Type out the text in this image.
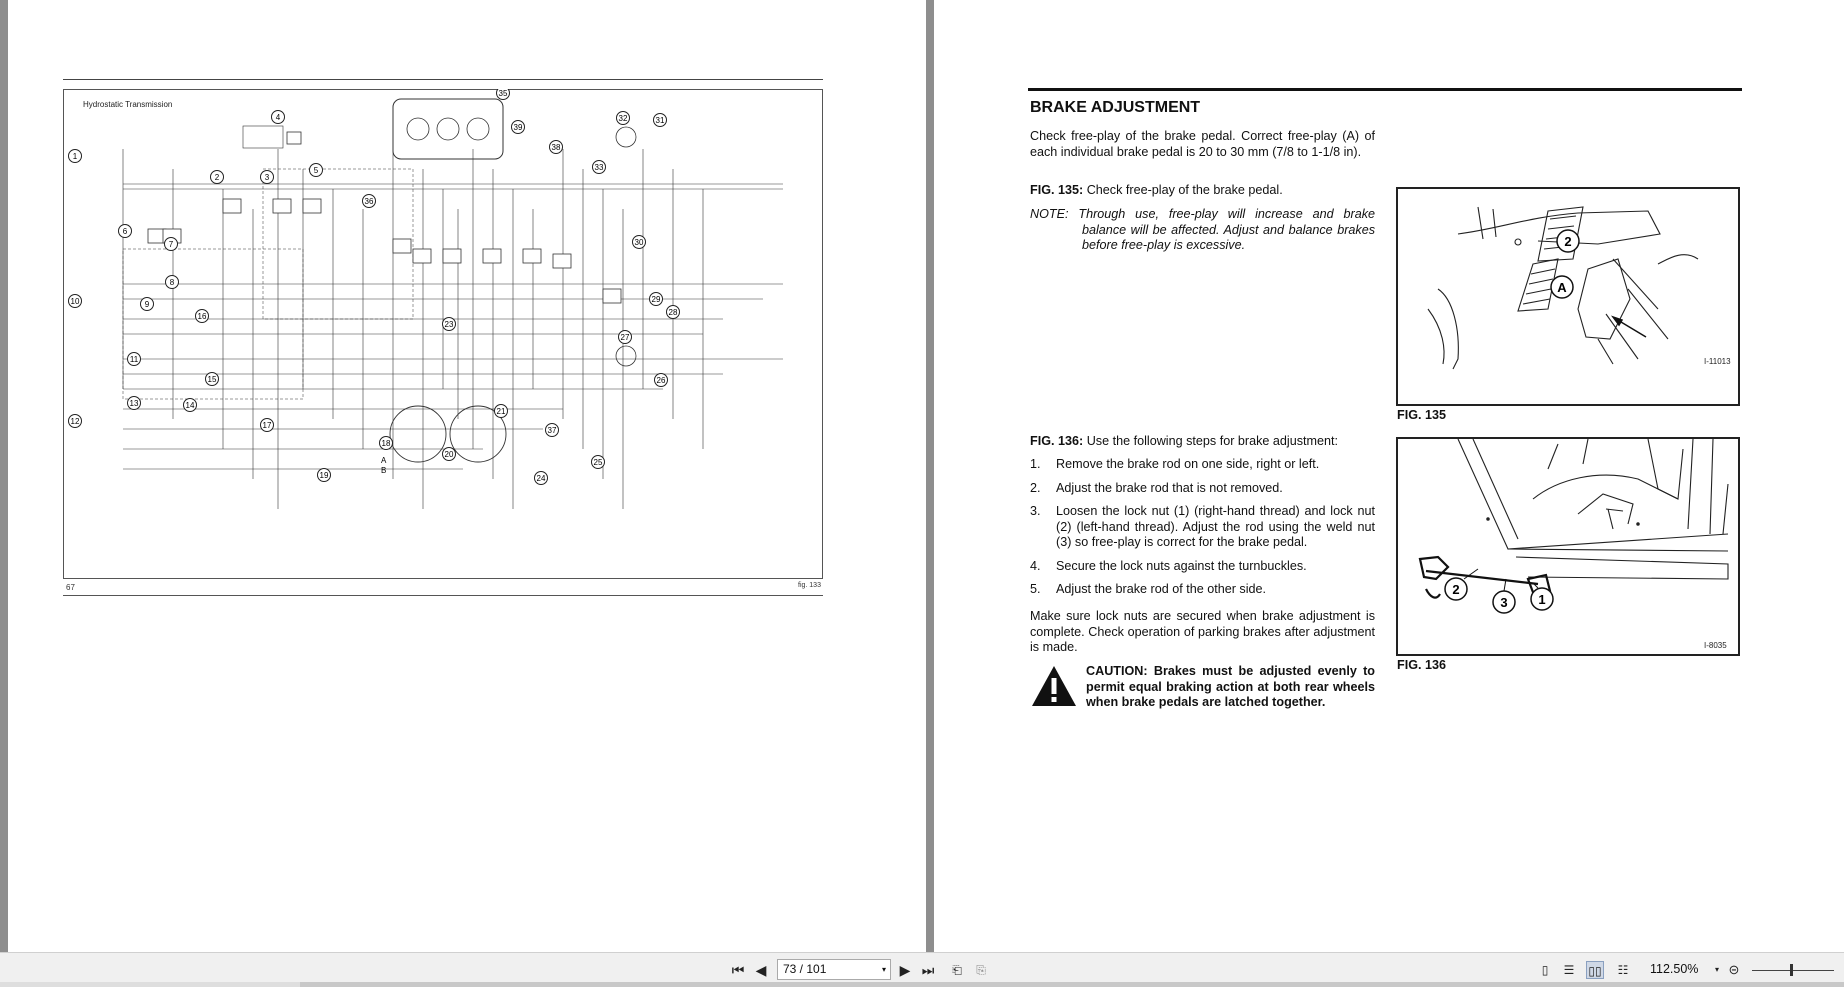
1
2	3
4
5
6
7
8
9
10
11
12
13	14
15
16
17
18
19
20
21
23
24
25
26
27
28
29
30
31
32
33
35
36
37
38
39
A
B
Hydrostatic Transmission
67	fig. 133
BRAKE ADJUSTMENT
Check free-play of the brake pedal. Correct free-play (A) of each individual brake pedal is 20 to 30 mm (7/8 to 1-1/8 in).
FIG. 135: Check free-play of the brake pedal.
NOTE: Through use, free-play will increase and brake balance will be affected. Adjust and balance brakes before free-play is excessive.
FIG. 136: Use the following steps for brake adjustment:
1. Remove the brake rod on one side, right or left.
2. Adjust the brake rod that is not removed.
3. Loosen the lock nut (1) (right-hand thread) and lock nut (2) (left-hand thread). Adjust the rod using the weld nut (3) so free-play is correct for the brake pedal.
4. Secure the lock nuts against the turnbuckles.
5. Adjust the brake rod of the other side.
Make sure lock nuts are secured when brake adjustment is complete. Check operation of parking brakes after adjustment is made.
CAUTION: Brakes must be adjusted evenly to permit equal braking action at both rear wheels when brake pedals are latched together.
2
A
I-11013
FIG. 135
2
3 1
I-8035
FIG. 136
⏮ ◀	73 / 101	▾ ▶ ⏭	⎗	⎘	▯	☰ ▯▯	☷ 112.50%	▾ ⊝
